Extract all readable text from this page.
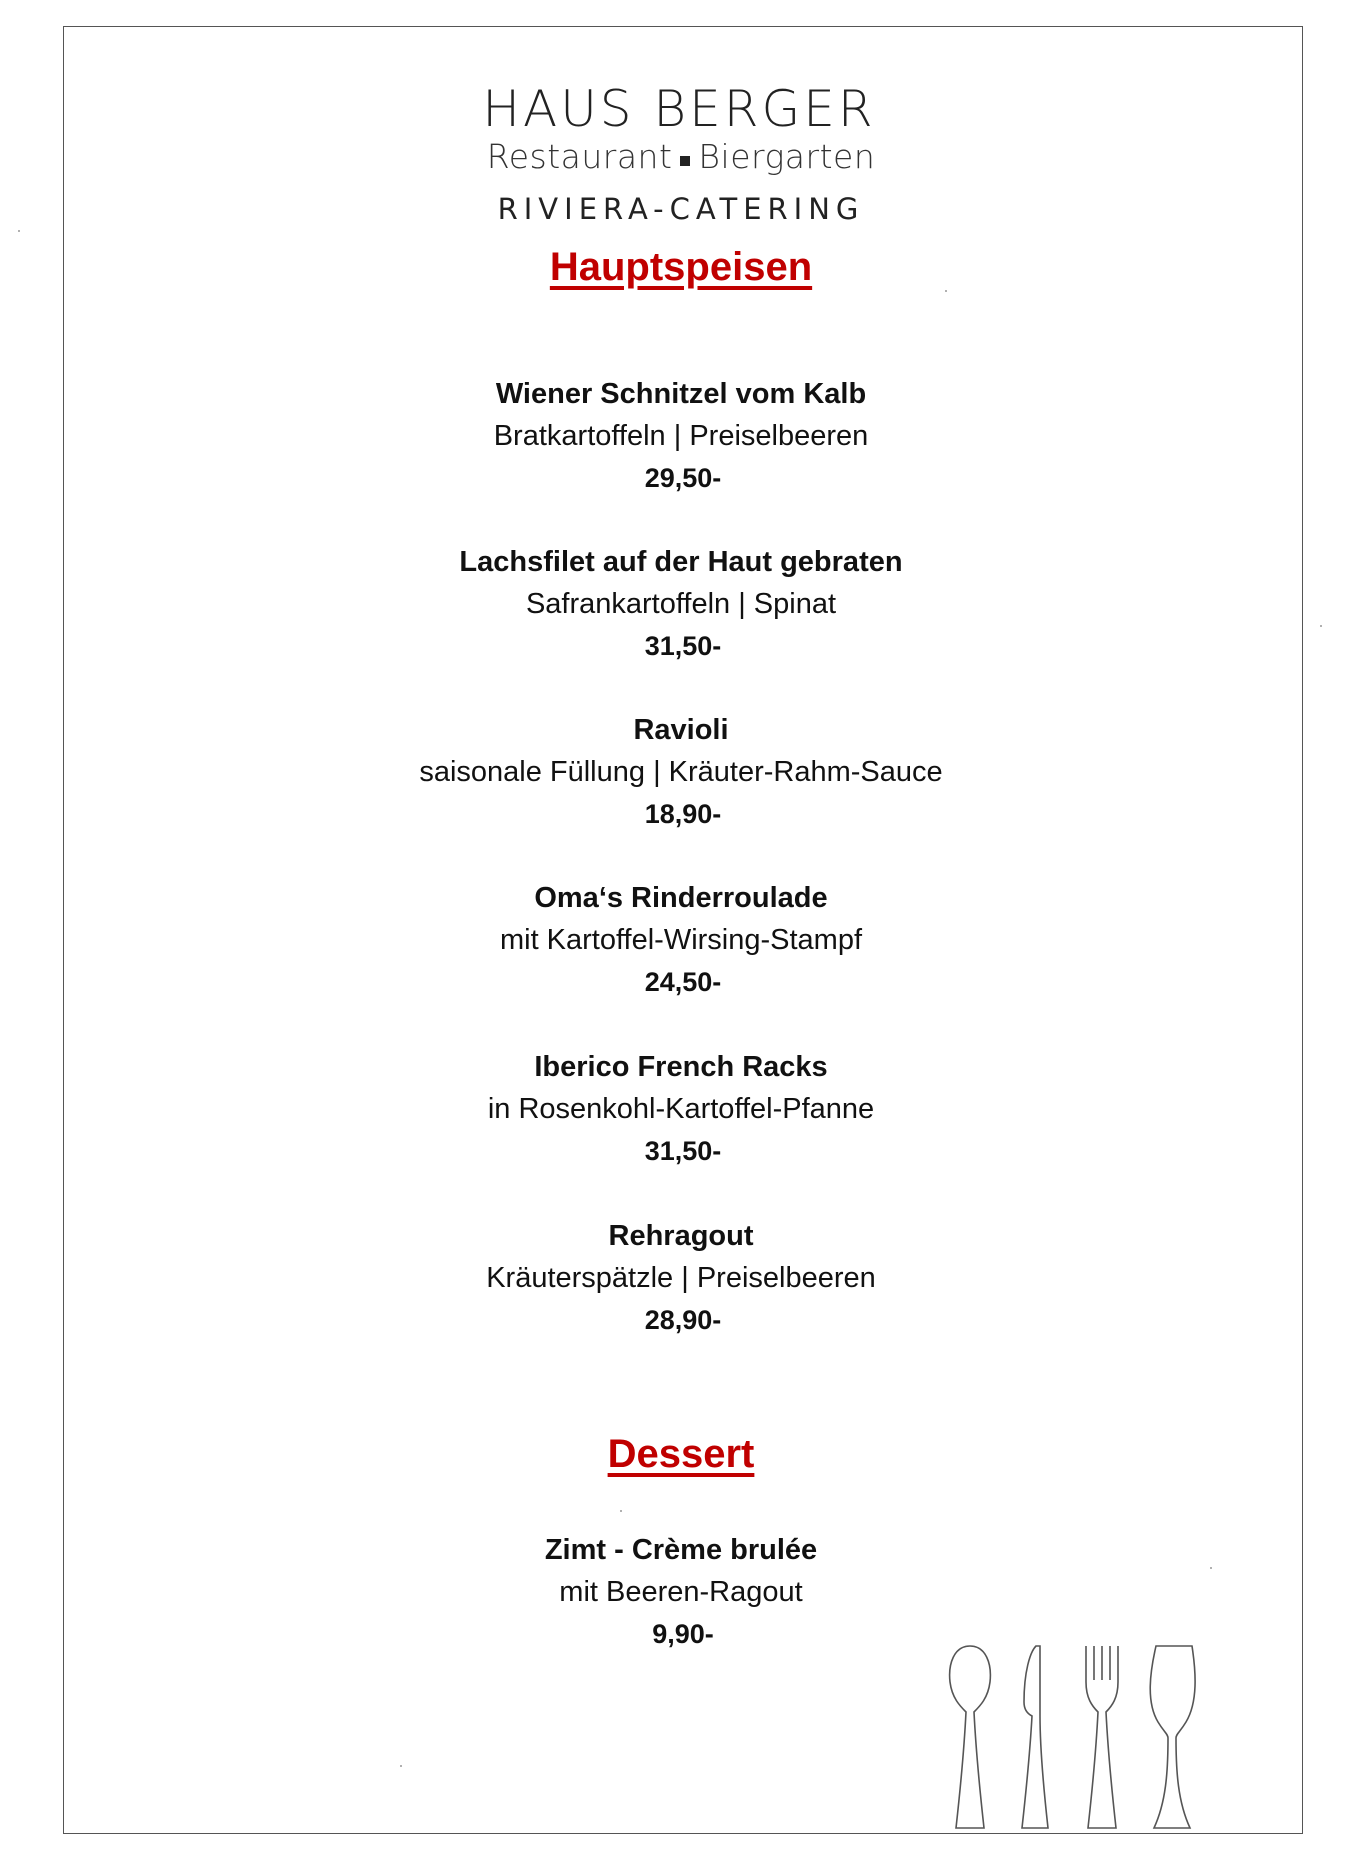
HAUS BERGER
Restaurant Biergarten
RIVIERA-CATERING
Hauptspeisen
Wiener Schnitzel vom Kalb
Bratkartoffeln | Preiselbeeren
29,50-
Lachsfilet auf der Haut gebraten
Safrankartoffeln | Spinat
31,50-
Ravioli
saisonale Füllung | Kräuter-Rahm-Sauce
18,90-
Oma‘s Rinderroulade
mit Kartoffel-Wirsing-Stampf
24,50-
Iberico French Racks
in Rosenkohl-Kartoffel-Pfanne
31,50-
Rehragout
Kräuterspätzle | Preiselbeeren
28,90-
Dessert
Zimt - Crème brulée
mit Beeren-Ragout
9,90-
